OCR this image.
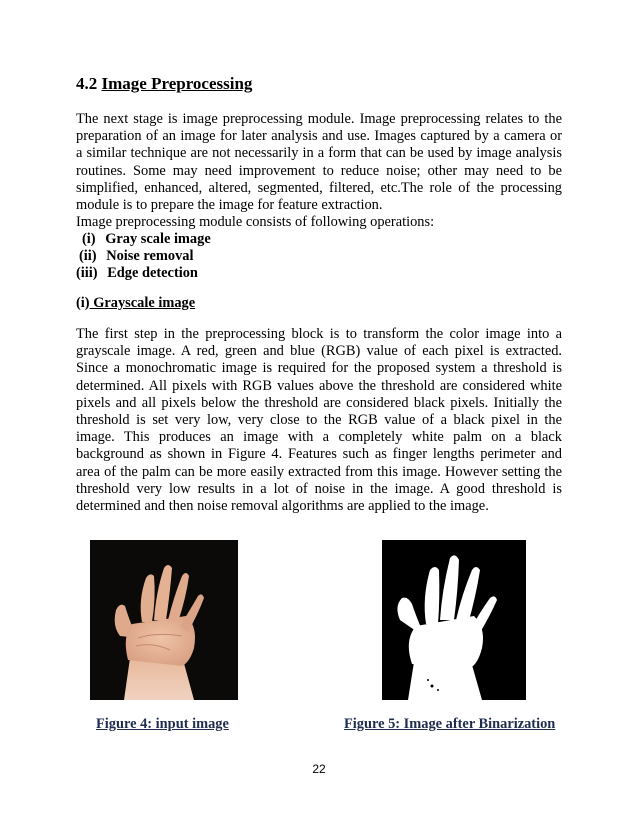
4.2 Image Preprocessing
The next stage is image preprocessing module. Image preprocessing relates to the
preparation of an image for later analysis and use. Images captured by a camera or
a similar technique are not necessarily in a form that can be used by image analysis
routines. Some may need improvement to reduce noise; other may need to be
simplified, enhanced, altered, segmented, filtered, etc.The role of the processing
module is to prepare the image for feature extraction.
Image preprocessing module consists of following operations:
(i) Gray scale image
(ii) Noise removal
(iii) Edge detection
(i) Grayscale image
The first step in the preprocessing block is to transform the color image into a
grayscale image. A red, green and blue (RGB) value of each pixel is extracted.
Since a monochromatic image is required for the proposed system a threshold is
determined. All pixels with RGB values above the threshold are considered white
pixels and all pixels below the threshold are considered black pixels. Initially the
threshold is set very low, very close to the RGB value of a black pixel in the
image. This produces an image with a completely white palm on a black
background as shown in Figure 4. Features such as finger lengths perimeter and
area of the palm can be more easily extracted from this image. However setting the
threshold very low results in a lot of noise in the image. A good threshold is
determined and then noise removal algorithms are applied to the image.
Figure 4: input image	Figure 5: Image after Binarization
22
